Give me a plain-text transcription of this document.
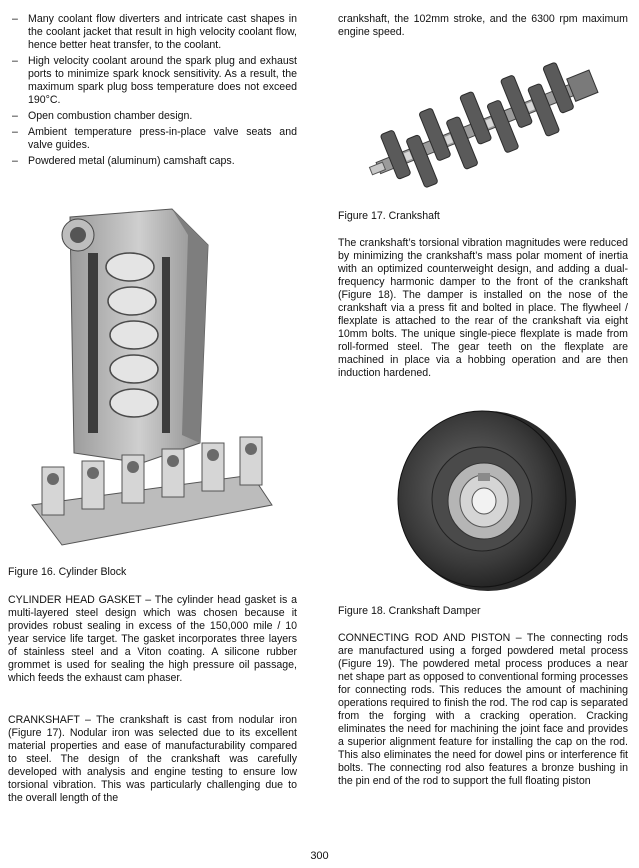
– Many coolant flow diverters and intricate cast shapes in the coolant jacket that result in high velocity coolant flow, hence better heat transfer, to the coolant.
– High velocity coolant around the spark plug and exhaust ports to minimize spark knock sensitivity. As a result, the maximum spark plug boss temperature does not exceed 190°C.
– Open combustion chamber design.
– Ambient temperature press-in-place valve seats and valve guides.
– Powdered metal (aluminum) camshaft caps.
Figure 16. Cylinder Block

CYLINDER HEAD GASKET – The cylinder head gasket is a multi-layered steel design which was chosen because it provides robust sealing in excess of the 150,000 mile / 10 year service life target. The gasket incorporates three layers of stainless steel and a Viton coating. A silicone rubber grommet is used for sealing the high pressure oil passage, which feeds the exhaust cam phaser.

CRANKSHAFT – The crankshaft is cast from nodular iron (Figure 17). Nodular iron was selected due to its excellent material properties and ease of manufacturability compared to steel. The design of the crankshaft was carefully developed with analysis and engine testing to ensure low torsional vibration. This was particularly challenging due to the overall length of the

crankshaft, the 102mm stroke, and the 6300 rpm maximum engine speed.

Figure 17. Crankshaft

The crankshaft’s torsional vibration magnitudes were reduced by minimizing the crankshaft’s mass polar moment of inertia with an optimized counterweight design, and adding a dual-frequency harmonic damper to the front of the crankshaft (Figure 18). The damper is installed on the nose of the crankshaft via a press fit and bolted in place. The flywheel / flexplate is attached to the rear of the crankshaft via eight 10mm bolts. The unique single-piece flexplate is made from roll-formed steel. The gear teeth on the flexplate are machined in place via a hobbing operation and are then induction hardened.

Figure 18. Crankshaft Damper

CONNECTING ROD AND PISTON – The connecting rods are manufactured using a forged powdered metal process (Figure 19). The powdered metal process produces a near net shape part as opposed to conventional forming processes for connecting rods. This reduces the amount of machining operations required to finish the rod. The rod cap is separated from the forging with a cracking operation. Cracking eliminates the need for machining the joint face and provides a superior alignment feature for installing the cap on the rod. This also eliminates the need for dowel pins or interference fit bolts. The connecting rod also features a bronze bushing in the pin end of the rod to support the full floating piston

300
